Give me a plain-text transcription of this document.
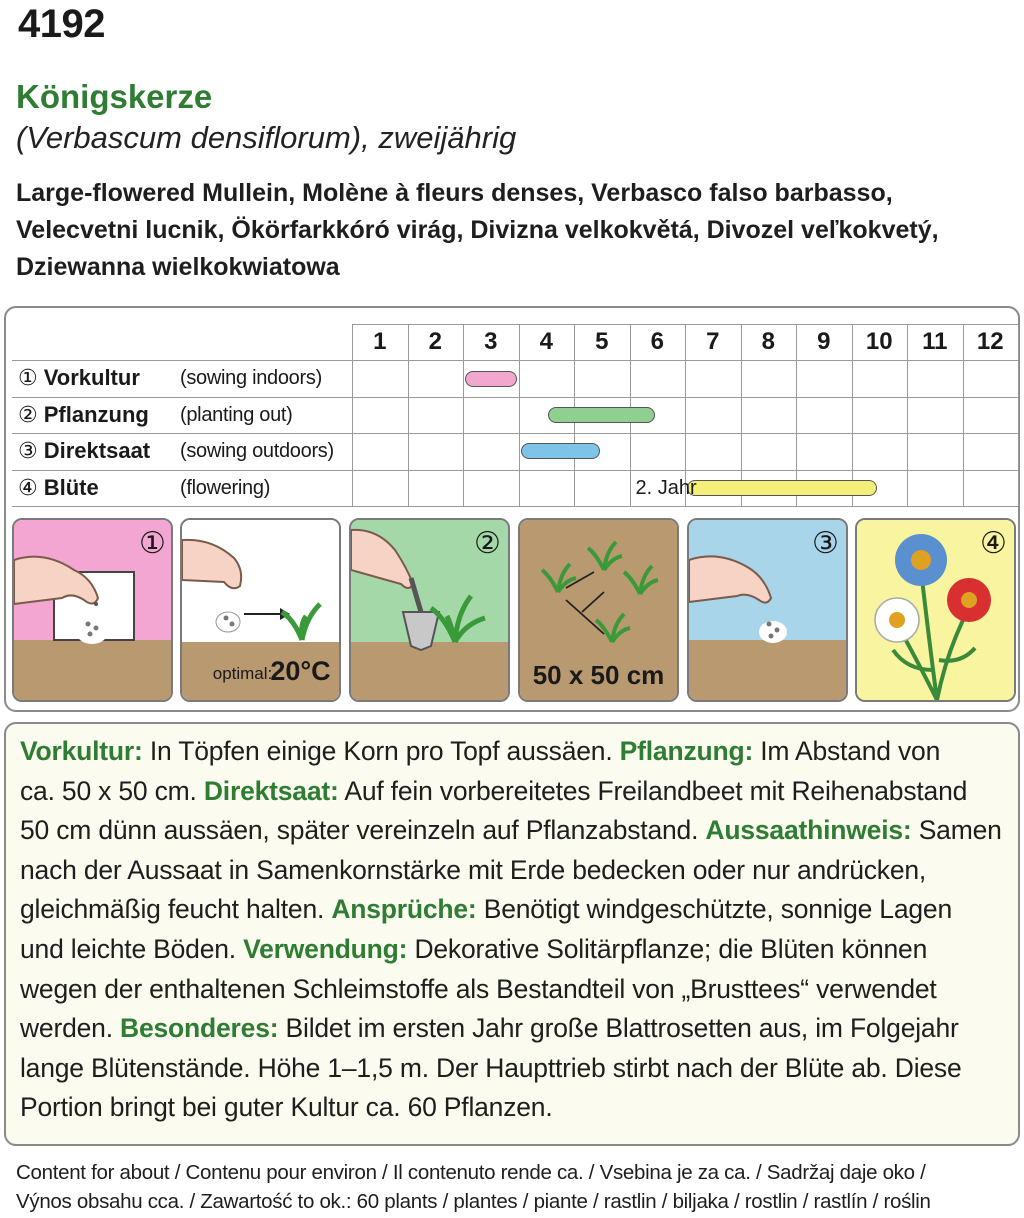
4192
Königskerze
(Verbascum densiflorum), zweijährig
Large-flowered Mullein, Molène à fleurs denses, Verbasco falso barbasso,
Velecvetni lucnik, Ökörfarkkóró virág, Divizna velkokvětá, Divozel veľkokvetý,
Dziewanna wielkokwiatowa
①
optimal:
20°C
②
50 x 50 cm
③	④
1	2	3	4	5	6	7	8	9	10	11	12
① Vorkultur (sowing indoors)
② Pflanzung (planting out)
③ Direktsaat (sowing outdoors)
④ Blüte	(flowering)	2. Jahr
Vorkultur: In Töpfen einige Korn pro Topf aussäen. Pflanzung: Im Abstand von
ca. 50 x 50 cm. Direktsaat: Auf fein vorbereitetes Freilandbeet mit Reihenabstand
50 cm dünn aussäen, später vereinzeln auf Pflanzabstand. Aussaathinweis: Samen
nach der Aussaat in Samenkornstärke mit Erde bedecken oder nur andrücken,
gleichmäßig feucht halten. Ansprüche: Benötigt windgeschützte, sonnige Lagen
und leichte Böden. Verwendung: Dekorative Solitärpflanze; die Blüten können
wegen der enthaltenen Schleimstoffe als Bestandteil von „Brusttees“ verwendet
werden. Besonderes: Bildet im ersten Jahr große Blattrosetten aus, im Folgejahr
lange Blütenstände. Höhe 1–1,5 m. Der Haupttrieb stirbt nach der Blüte ab. Diese
Portion bringt bei guter Kultur ca. 60 Pflanzen.
Content for about / Contenu pour environ / Il contenuto rende ca. / Vsebina je za ca. / Sadržaj daje oko /
Výnos obsahu cca. / Zawartość to ok.: 60 plants / plantes / piante / rastlin / biljaka / rostlin / rastlín / roślin
